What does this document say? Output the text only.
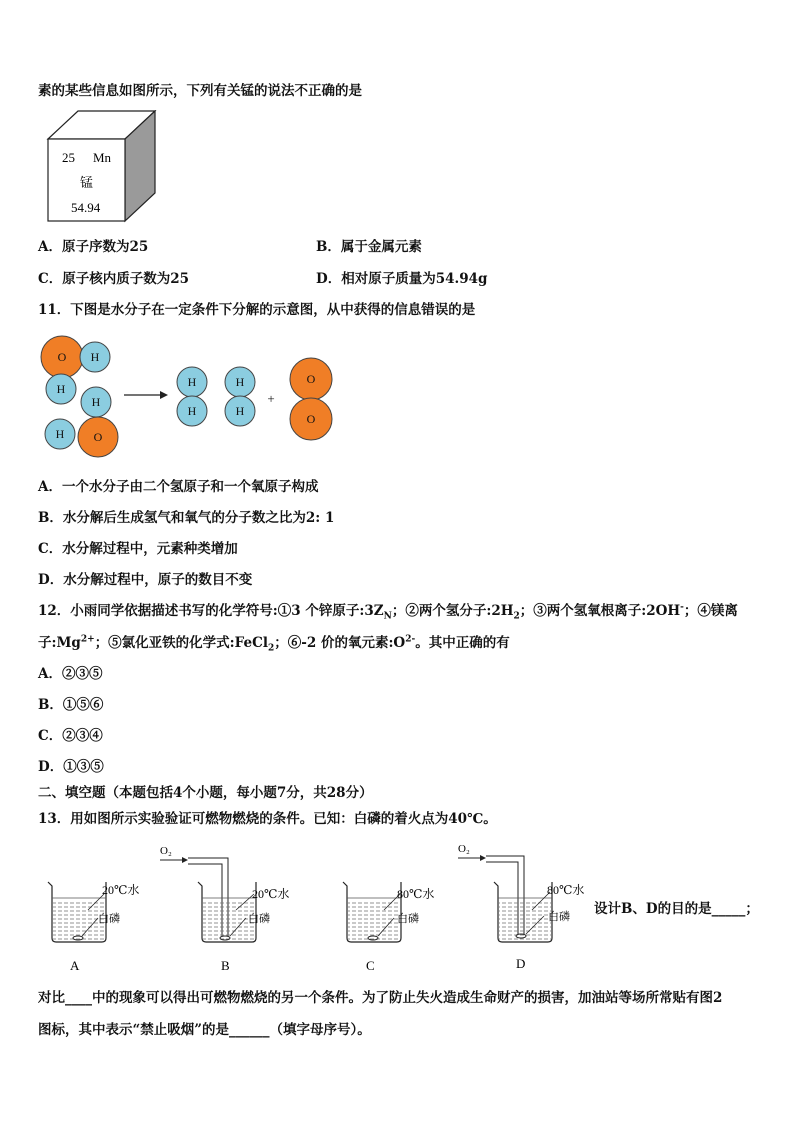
素的某些信息如图所示，下列有关锰的说法不正确的是
25 Mn
锰
54.94
A．原子序数为25	B．属于金属元素
C．原子核内质子数为25	D．相对原子质量为54.94g
11．下图是水分子在一定条件下分解的示意图，从中获得的信息错误的是
O H
H
H
H O
H
H
H
H
O
O
+
A．一个水分子由二个氢原子和一个氧原子构成
B．水分解后生成氢气和氧气的分子数之比为2: 1
C．水分解过程中，元素种类增加
D．水分解过程中，原子的数目不变
12．小雨同学依据描述书写的化学符号:①3 个锌原子$:3Z_N$；②两个氢分子$:2H_2$；③两个氢氧根离子:2OH-；④镁离
子$:Mg^{2+}$；⑤氯化亚铁的化学式:FeCl$_2$；⑥-2 价的氧元素$:O^{2-}$。其中正确的有
A．②③⑤
B．①⑤⑥
C．②③④
D．①③⑤
二、填空题（本题包括4个小题，每小题7分，共28分）
13．用如图所示实验验证可燃物燃烧的条件。已知：白磷的着火点为40℃。
20℃水
白磷
A
O₂
20℃水
白磷
B
80℃水
白磷
C
O₂
80℃水
白磷
D
设计B、D的目的是_____；
对比____中的现象可以得出可燃物燃烧的另一个条件。为了防止失火造成生命财产的损害，加油站等场所常贴有图2
图标，其中表示“禁止吸烟”的是______（填字母序号）。
